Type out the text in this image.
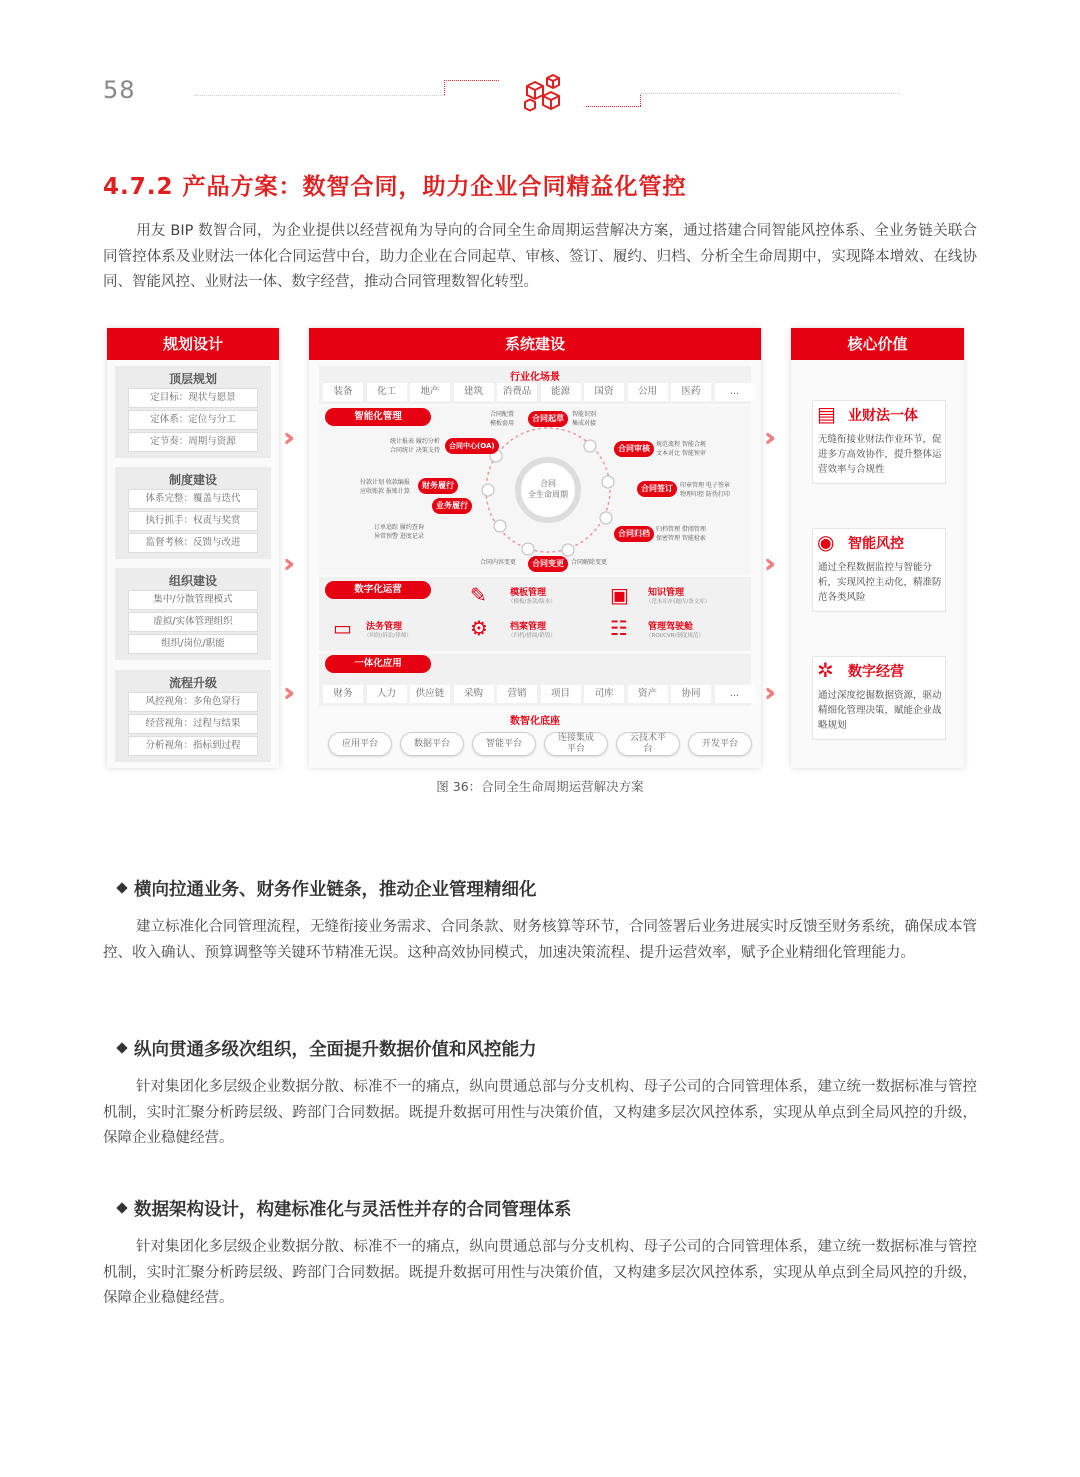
58
4.7.2 产品方案：数智合同，助力企业合同精益化管控
用友 BIP 数智合同，为企业提供以经营视角为导向的合同全生命周期运营解决方案，通过搭建合同智能风控体系、全业务链关联合同管控体系及业财法一体化合同运营中台，助力企业在合同起草、审核、签订、履约、归档、分析全生命周期中，实现降本增效、在线协同、智能风控、业财法一体、数字经营，推动合同管理数智化转型。
规划设计
顶层规划
定目标：现状与愿景
定体系：定位与分工
定节奏：周期与资源
制度建设
体系完整：覆盖与迭代
执行抓手：权责与奖赏
监督考核：反馈与改进
组织建设
集中/分散管理模式
虚拟/实体管理组织
组织/岗位/职能
流程升级
风控视角：多角色穿行
经营视角：过程与结果
分析视角：指标到过程
›››
›››
›››
›››
›››
›››
系统建设
行业化场景
装备	化工	地产	建筑	消费品	能源	国资	公用	医药	...
智能化管理
合同
全生命周期
合同起草
合同审核
合同签订
合同归档
合同变更
业务履行
财务履行
合同中心(OA)
合同配置
模板套用
智能识别
集成对接
规范流程 智能合规
文本对比 智能预审
印章管理 电子签章
物理印控 防伪打印
归档管理 借阅管理
保密管理 智能检索
统计报表 履约分析
合同统计 决策支持
付款计划 收款编报
应收账款 报账计算
订单追踪 履约查询
异常预警 进度记录
合同内容变更	合同解除变更
数字化运营	✎	模板管理
（模板/条款/版本）	▣ 知识管理
（范本库/问题库/条文库）
▭ 法务管理
（纠纷/诉讼/律师）	⚙ 档案管理
（归档/借阅/销毁）	☷ 管理驾驶舱
（ROI/CVR/制度规范）
一体化应用
财务	人力	供应链	采购	营销	项目	司库	资产	协同	...
数智化底座
应用平台	数据平台	智能平台
连接集成
平台
云技术平
台
开发平台
核心价值
▤ 业财法一体
无缝衔接业财法作业环节，促进多方高效协作，提升整体运营效率与合规性
◉ 智能风控
通过全程数据监控与智能分析，实现风控主动化，精准防范各类风险
✲ 数字经营
通过深度挖掘数据资源，驱动精细化管理决策，赋能企业战略规划
图 36：合同全生命周期运营解决方案
横向拉通业务、财务作业链条，推动企业管理精细化
建立标准化合同管理流程，无缝衔接业务需求、合同条款、财务核算等环节，合同签署后业务进展实时反馈至财务系统，确保成本管控、收入确认、预算调整等关键环节精准无误。这种高效协同模式，加速决策流程、提升运营效率，赋予企业精细化管理能力。
纵向贯通多级次组织，全面提升数据价值和风控能力
针对集团化多层级企业数据分散、标准不一的痛点，纵向贯通总部与分支机构、母子公司的合同管理体系，建立统一数据标准与管控机制，实时汇聚分析跨层级、跨部门合同数据。既提升数据可用性与决策价值，又构建多层次风控体系，实现从单点到全局风控的升级，保障企业稳健经营。
数据架构设计，构建标准化与灵活性并存的合同管理体系
针对集团化多层级企业数据分散、标准不一的痛点，纵向贯通总部与分支机构、母子公司的合同管理体系，建立统一数据标准与管控机制，实时汇聚分析跨层级、跨部门合同数据。既提升数据可用性与决策价值，又构建多层次风控体系，实现从单点到全局风控的升级，保障企业稳健经营。
